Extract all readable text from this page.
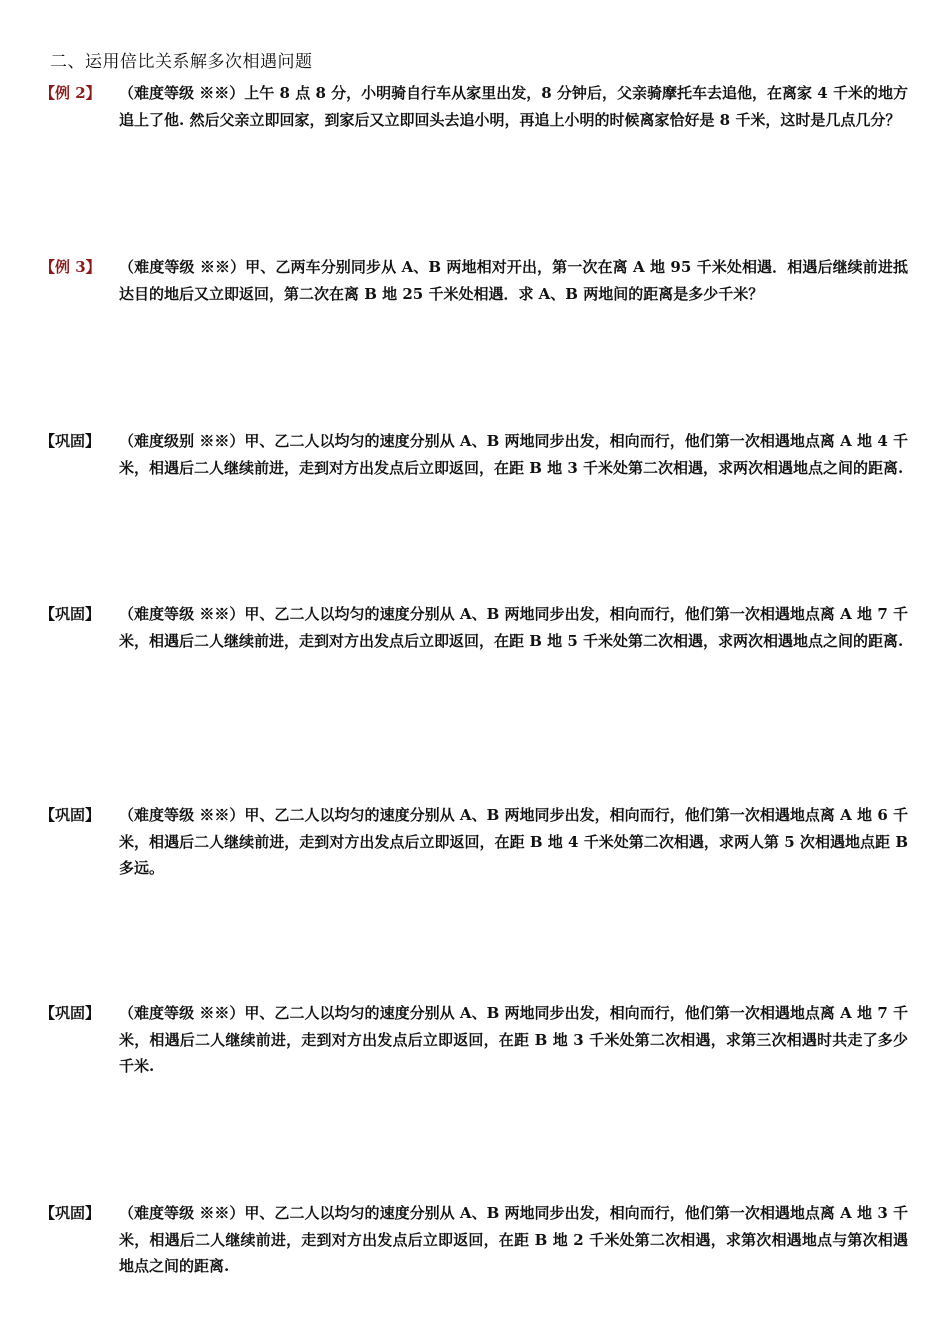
二、运用倍比关系解多次相遇问题
【例 2】 （难度等级 ※※）上午 8 点 8 分，小明骑自行车从家里出发，8 分钟后，父亲骑摩托车去追他，在离家 4 千米的地方追上了他. 然后父亲立即回家，到家后又立即回头去追小明，再追上小明的时候离家恰好是 8 千米，这时是几点几分？
【例 3】 （难度等级 ※※）甲、乙两车分别同步从 A、B 两地相对开出，第一次在离 A 地 95 千米处相遇．相遇后继续前进抵达目的地后又立即返回，第二次在离 B 地 25 千米处相遇．求 A、B 两地间的距离是多少千米？
【巩固】 （难度级别 ※※）甲、乙二人以均匀的速度分别从 A、B 两地同步出发，相向而行，他们第一次相遇地点离 A 地 4 千米，相遇后二人继续前进，走到对方出发点后立即返回，在距 B 地 3 千米处第二次相遇，求两次相遇地点之间的距离.
【巩固】 （难度等级 ※※）甲、乙二人以均匀的速度分别从 A、B 两地同步出发，相向而行，他们第一次相遇地点离 A 地 7 千米，相遇后二人继续前进，走到对方出发点后立即返回，在距 B 地 5 千米处第二次相遇，求两次相遇地点之间的距离.
【巩固】 （难度等级 ※※）甲、乙二人以均匀的速度分别从 A、B 两地同步出发，相向而行，他们第一次相遇地点离 A 地 6 千米，相遇后二人继续前进，走到对方出发点后立即返回，在距 B 地 4 千米处第二次相遇，求两人第 5 次相遇地点距 B 多远。
【巩固】 （难度等级 ※※）甲、乙二人以均匀的速度分别从 A、B 两地同步出发，相向而行，他们第一次相遇地点离 A 地 7 千米，相遇后二人继续前进，走到对方出发点后立即返回，在距 B 地 3 千米处第二次相遇，求第三次相遇时共走了多少千米.
【巩固】 （难度等级 ※※）甲、乙二人以均匀的速度分别从 A、B 两地同步出发，相向而行，他们第一次相遇地点离 A 地 3 千米，相遇后二人继续前进，走到对方出发点后立即返回，在距 B 地 2 千米处第二次相遇，求第次相遇地点与第次相遇地点之间的距离.
